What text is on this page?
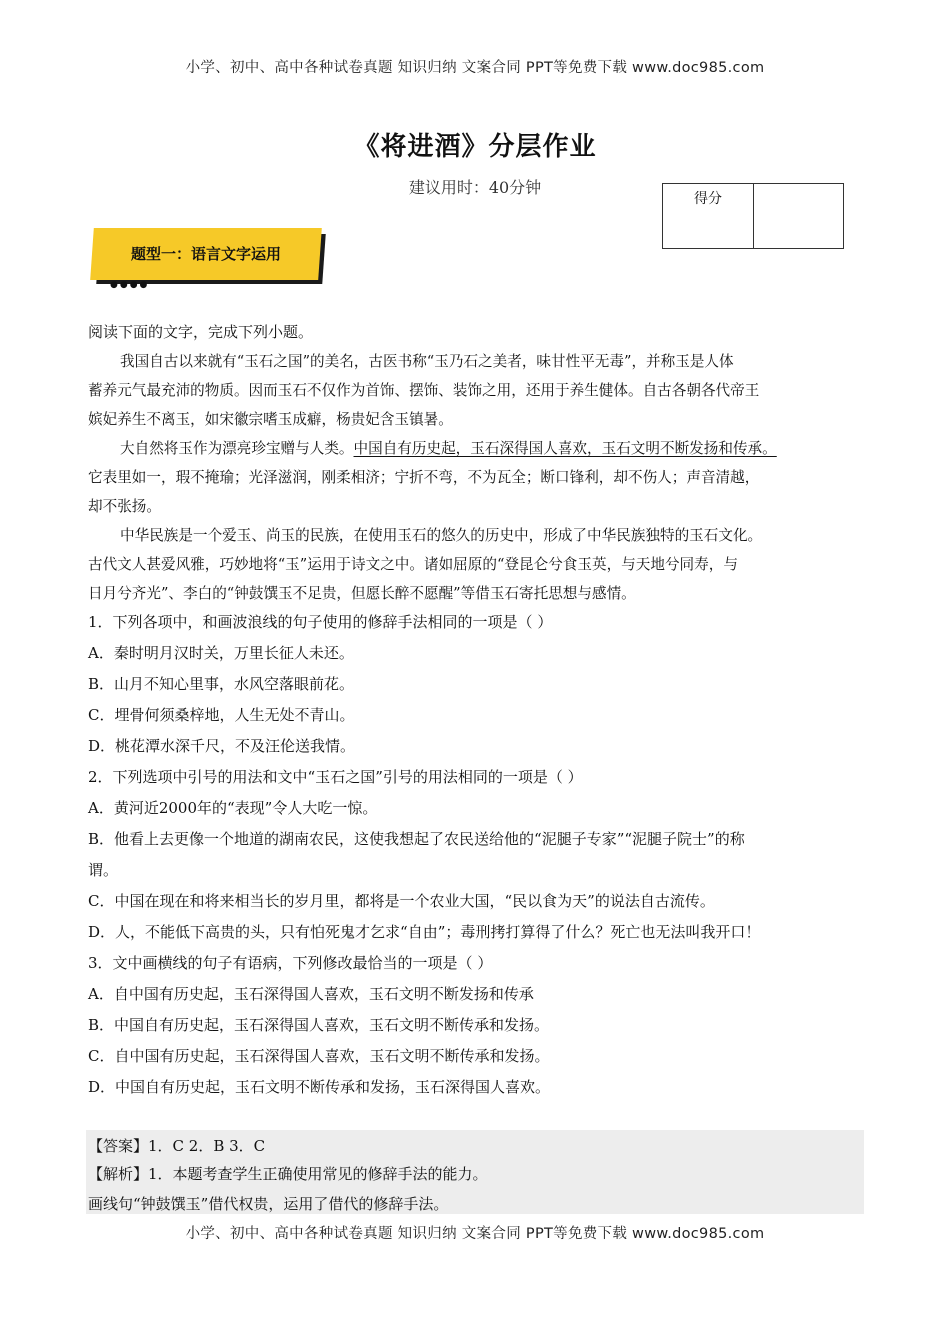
小学、初中、高中各种试卷真题 知识归纳 文案合同 PPT等免费下载 www.doc985.com
《将进酒》分层作业
建议用时：40分钟
得分
题型一：语言文字运用
●●●●
阅读下面的文字，完成下列小题。
我国自古以来就有“玉石之国”的美名，古医书称“玉乃石之美者，味甘性平无毒”，并称玉是人体
蓄养元气最充沛的物质。因而玉石不仅作为首饰、摆饰、装饰之用，还用于养生健体。自古各朝各代帝王
嫔妃养生不离玉，如宋徽宗嗜玉成癖，杨贵妃含玉镇暑。
大自然将玉作为漂亮珍宝赠与人类。中国自有历史起，玉石深得国人喜欢，玉石文明不断发扬和传承。
它表里如一，瑕不掩瑜；光泽滋润，刚柔相济；宁折不弯，不为瓦全；断口锋利，却不伤人；声音清越，
却不张扬。
中华民族是一个爱玉、尚玉的民族，在使用玉石的悠久的历史中，形成了中华民族独特的玉石文化。
古代文人甚爱风雅，巧妙地将“玉”运用于诗文之中。诸如屈原的“登昆仑兮食玉英，与天地兮同寿，与
日月兮齐光”、李白的“钟鼓馔玉不足贵，但愿长醉不愿醒”等借玉石寄托思想与感情。
1．下列各项中，和画波浪线的句子使用的修辞手法相同的一项是（ ）
A．秦时明月汉时关，万里长征人未还。
B．山月不知心里事，水风空落眼前花。
C．埋骨何须桑梓地，人生无处不青山。
D．桃花潭水深千尺，不及汪伦送我情。
2．下列选项中引号的用法和文中“玉石之国”引号的用法相同的一项是（ ）
A．黄河近2000年的“表现”令人大吃一惊。
B．他看上去更像一个地道的湖南农民，这使我想起了农民送给他的“泥腿子专家”“泥腿子院士”的称
谓。
C．中国在现在和将来相当长的岁月里，都将是一个农业大国，“民以食为天”的说法自古流传。
D．人，不能低下高贵的头，只有怕死鬼才乞求“自由”；毒刑拷打算得了什么？死亡也无法叫我开口！
3．文中画横线的句子有语病，下列修改最恰当的一项是（ ）
A．自中国有历史起，玉石深得国人喜欢，玉石文明不断发扬和传承
B．中国自有历史起，玉石深得国人喜欢，玉石文明不断传承和发扬。
C．自中国有历史起，玉石深得国人喜欢，玉石文明不断传承和发扬。
D．中国自有历史起，玉石文明不断传承和发扬，玉石深得国人喜欢。
【答案】1．C 2．B 3．C
【解析】1．本题考查学生正确使用常见的修辞手法的能力。
画线句“钟鼓馔玉”借代权贵，运用了借代的修辞手法。
小学、初中、高中各种试卷真题 知识归纳 文案合同 PPT等免费下载 www.doc985.com
